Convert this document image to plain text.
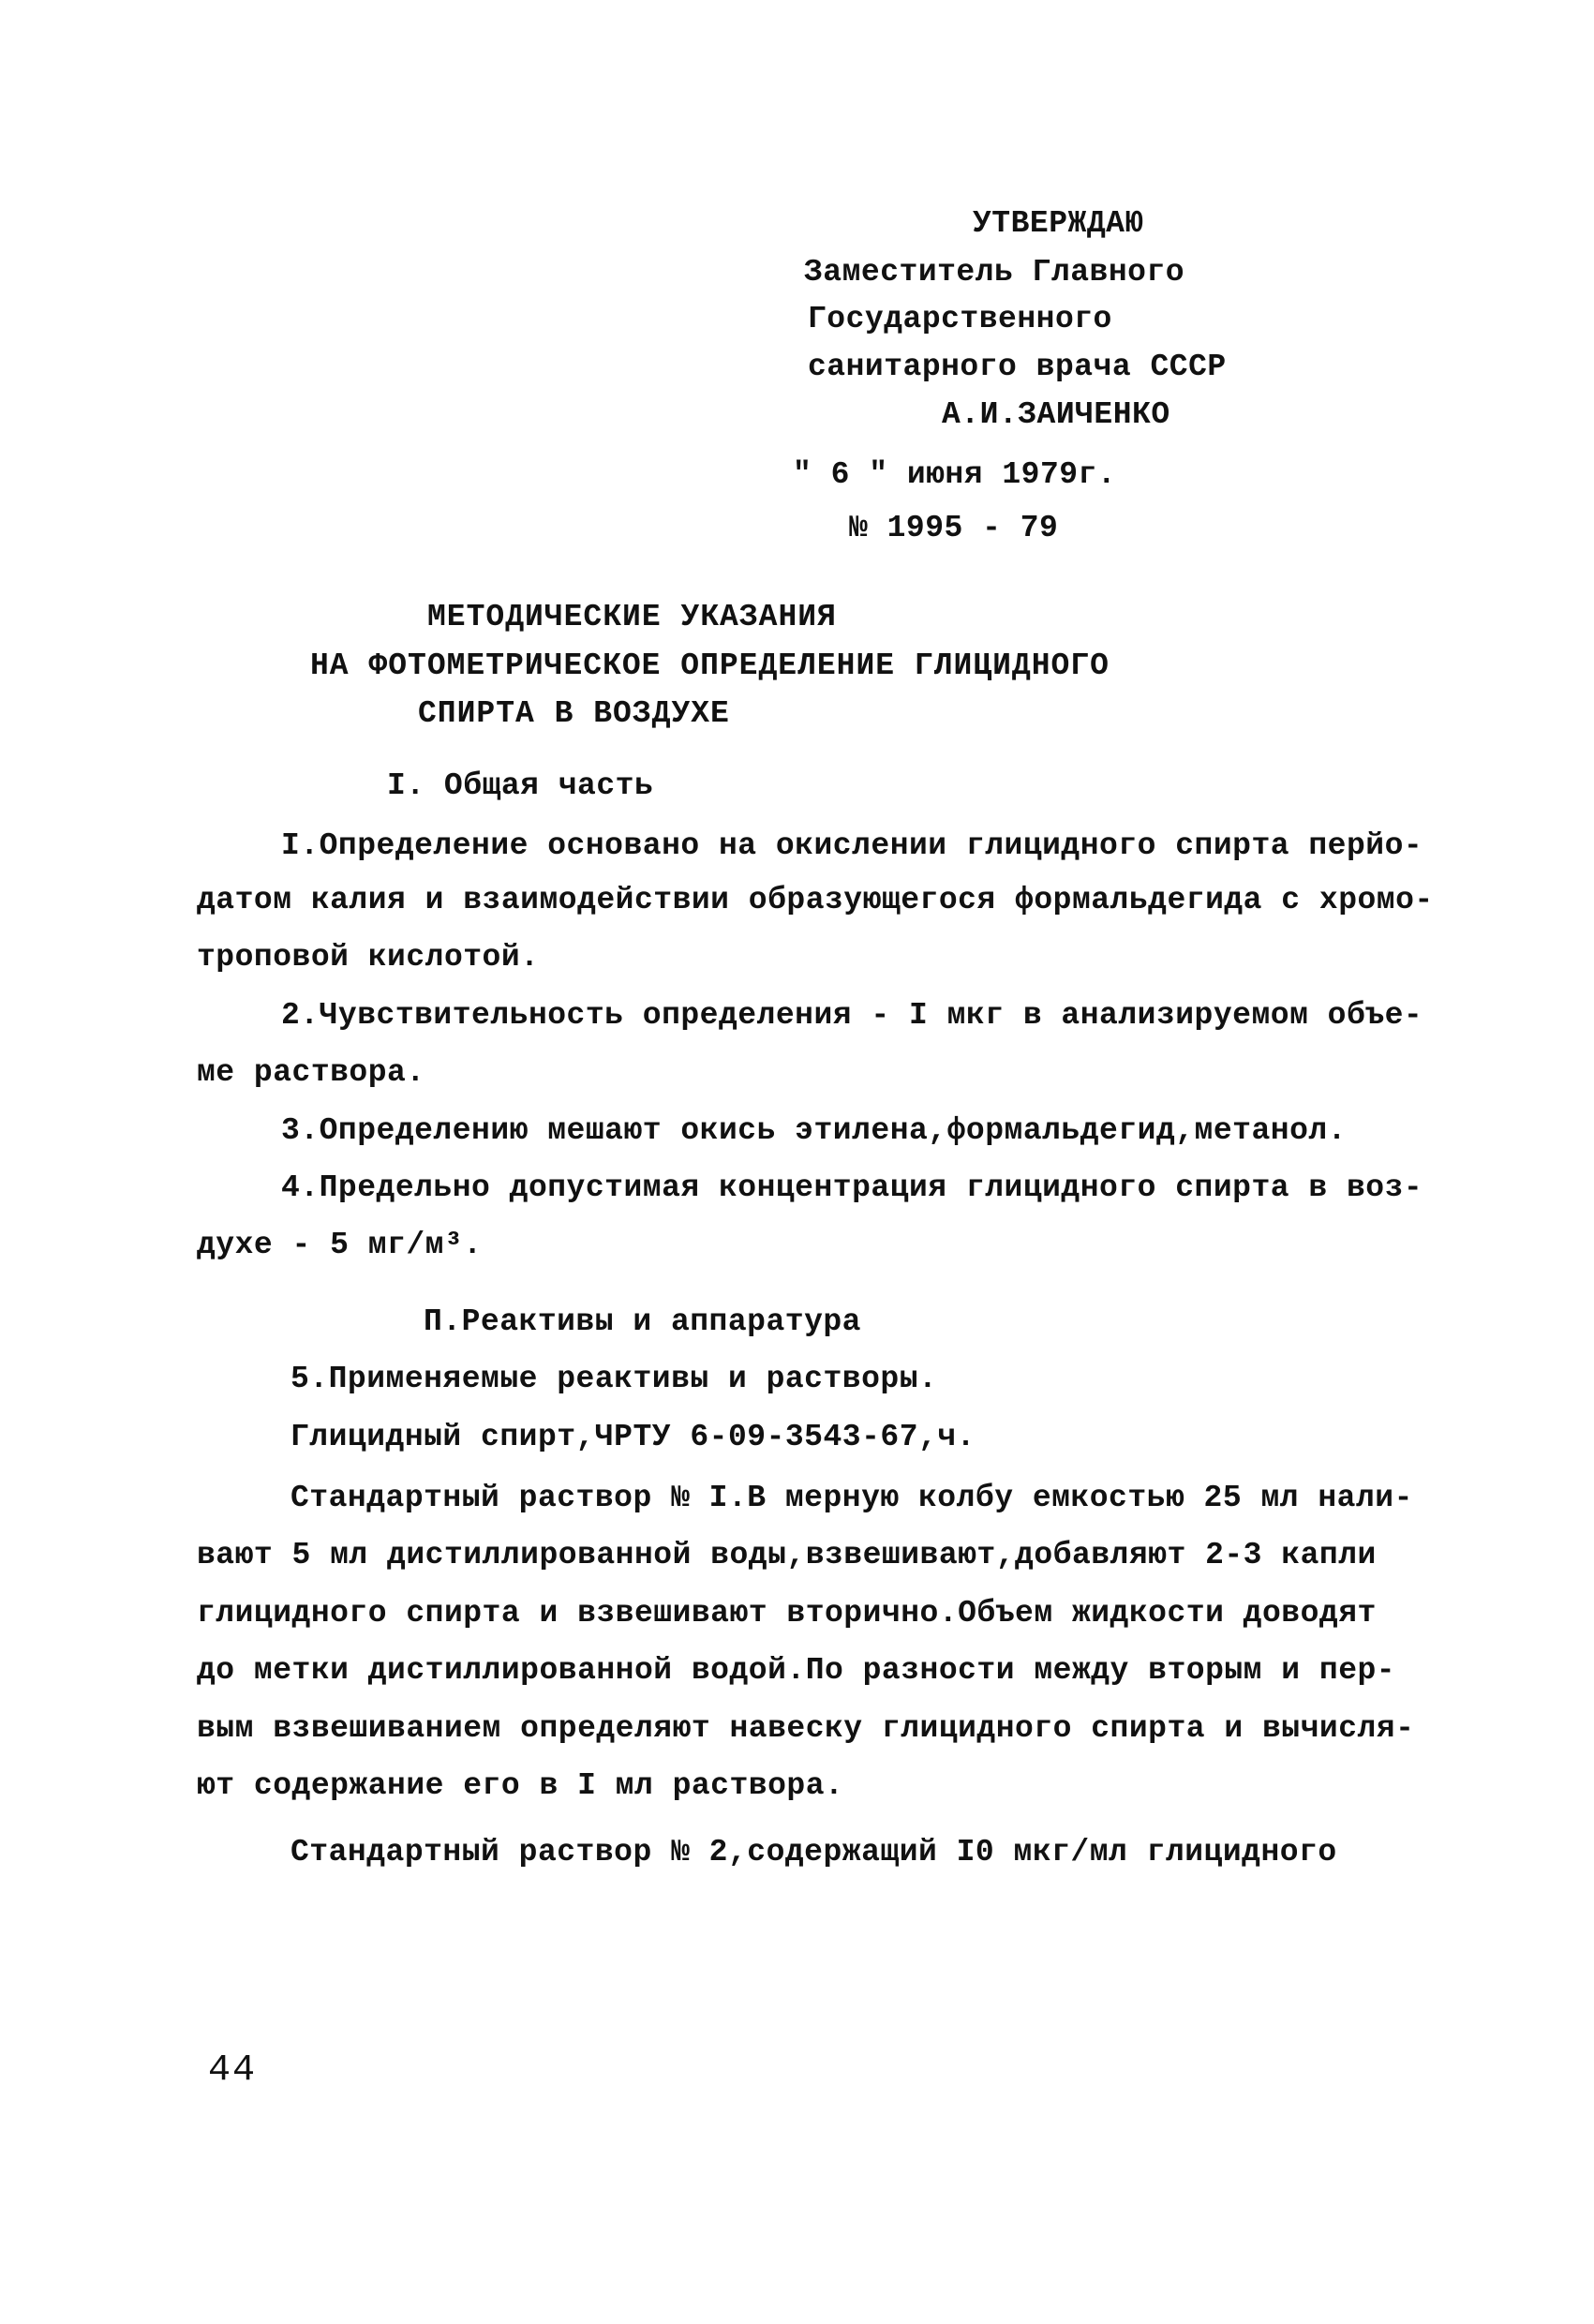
УТВЕРЖДАЮ
Заместитель Главного
Государственного
санитарного врача СССР
А.И.ЗАИЧЕНКО
" 6 " июня 1979г.
№ 1995 - 79
МЕТОДИЧЕСКИЕ УКАЗАНИЯ
НА ФОТОМЕТРИЧЕСКОЕ ОПРЕДЕЛЕНИЕ ГЛИЦИДНОГО
СПИРТА В ВОЗДУХЕ
I. Общая часть
I.Определение основано на окислении глицидного спирта перйо-
датом калия и взаимодействии образующегося формальдегида с хромо-
троповой кислотой.
2.Чувствительность определения - I мкг в анализируемом объе-
ме раствора.
3.Определению мешают окись этилена,формальдегид,метанол.
4.Предельно допустимая концентрация глицидного спирта в воз-
духе - 5 мг/м³.
П.Реактивы и аппаратура
5.Применяемые реактивы и растворы.
Глицидный спирт,ЧРТУ 6-09-3543-67,ч.
Стандартный раствор № I.В мерную колбу емкостью 25 мл нали-
вают 5 мл дистиллированной воды,взвешивают,добавляют 2-3 капли
глицидного спирта и взвешивают вторично.Объем жидкости доводят
до метки дистиллированной водой.По разности между вторым и пер-
вым взвешиванием определяют навеску глицидного спирта и вычисля-
ют содержание его в I мл раствора.
Стандартный раствор № 2,содержащий I0 мкг/мл глицидного
44
